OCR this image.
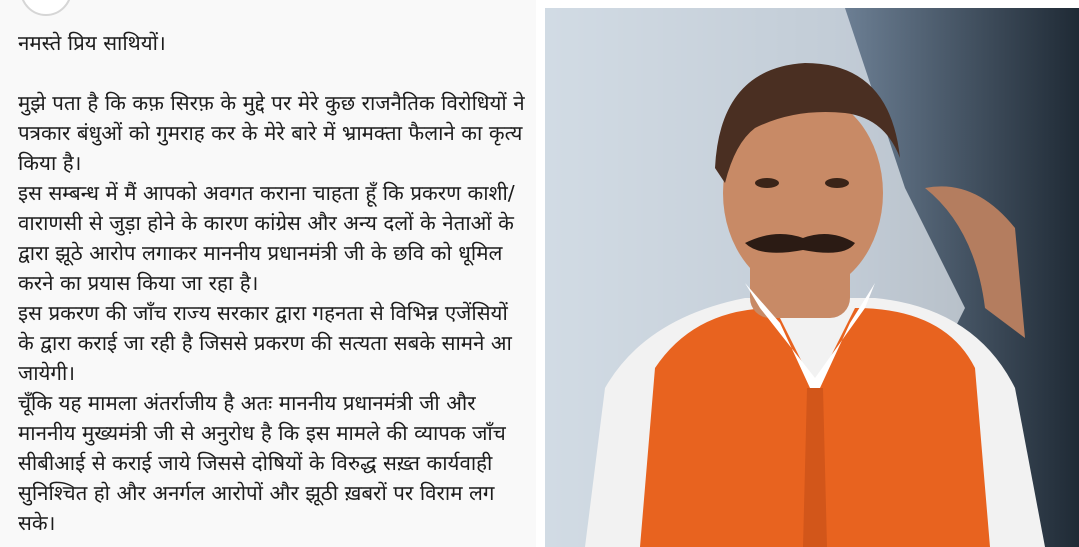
नमस्ते प्रिय साथियों।

मुझे पता है कि कफ़ सिरफ़ के मुद्दे पर मेरे कुछ राजनैतिक विरोधियों ने पत्रकार बंधुओं को गुमराह कर के मेरे बारे में भ्रामक्ता फैलाने का कृत्य किया है।

इस सम्बन्ध में मैं आपको अवगत कराना चाहता हूँ कि प्रकरण काशी/वाराणसी से जुड़ा होने के कारण कांग्रेस और अन्य दलों के नेताओं के द्वारा झूठे आरोप लगाकर माननीय प्रधानमंत्री जी के छवि को धूमिल करने का प्रयास किया जा रहा है।

इस प्रकरण की जाँच राज्य सरकार द्वारा गहनता से विभिन्न एजेंसियों के द्वारा कराई जा रही है जिससे प्रकरण की सत्यता सबके सामने आ जायेगी।

चूँकि यह मामला अंतर्राजीय है अतः माननीय प्रधानमंत्री जी और माननीय मुख्यमंत्री जी से अनुरोध है कि इस मामले की व्यापक जाँच सीबीआई से कराई जाये जिससे दोषियों के विरुद्ध सख़्त कार्यवाही सुनिश्चित हो और अनर्गल आरोपों और झूठी ख़बरों पर विराम लग सके।
